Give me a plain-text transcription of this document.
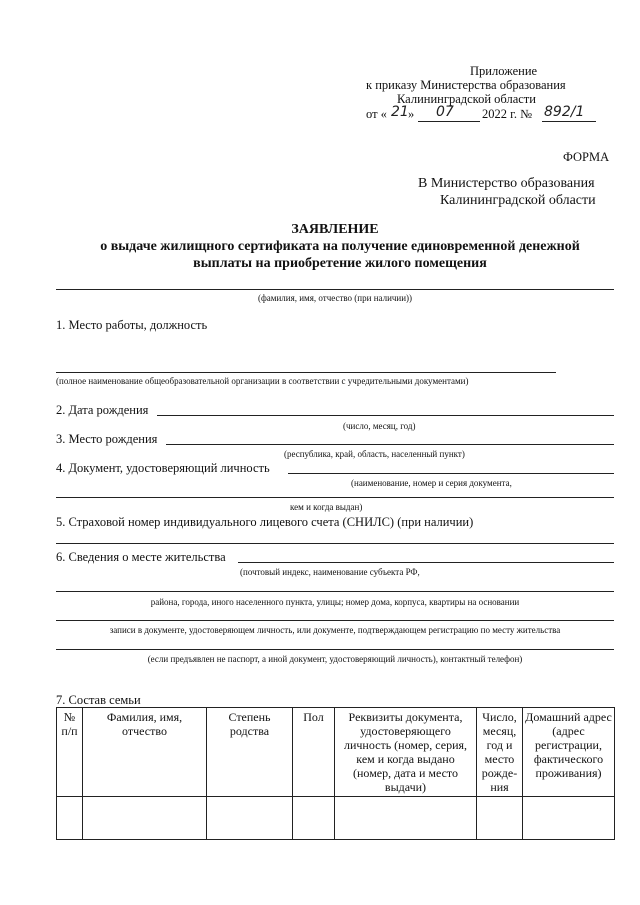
Приложение
к приказу Министерства образования
Калининградской области
от « 21 » 07 2022 г. № 892/1
ФОРМА
В Министерство образования
Калининградской области
ЗАЯВЛЕНИЕ
о выдаче жилищного сертификата на получение единовременной денежной
выплаты на приобретение жилого помещения
(фамилия, имя, отчество (при наличии))
1. Место работы, должность
(полное наименование общеобразовательной организации в соответствии с учредительными документами)
2. Дата рождения
(число, месяц, год)
3. Место рождения
(республика, край, область, населенный пункт)
4. Документ, удостоверяющий личность
(наименование, номер и серия документа,
кем и когда выдан)
5. Страховой номер индивидуального лицевого счета (СНИЛС) (при наличии)
6. Сведения о месте жительства
(почтовый индекс, наименование субъекта РФ,
района, города, иного населенного пункта, улицы; номер дома, корпуса, квартиры на основании
записи в документе, удостоверяющем личность, или документе, подтверждающем регистрацию по месту жительства
(если предъявлен не паспорт, а иной документ, удостоверяющий личность), контактный телефон)
7. Состав семьи
№ п/п	Фамилия, имя, отчество	Степень родства	Пол	Реквизиты документа, удостоверяющего личность (номер, серия, кем и когда выдано (номер, дата и место выдачи)	Число, месяц, год и место рожде-ния	Домашний адрес (адрес регистрации, фактического проживания)
